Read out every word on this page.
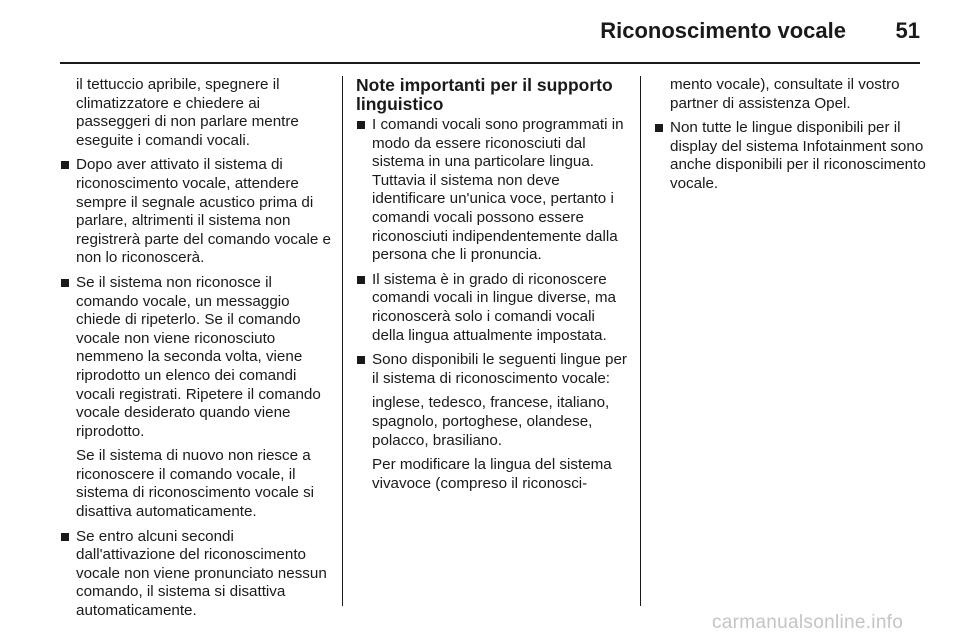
Riconoscimento vocale 51

il tettuccio apribile, spegnere il climatizzatore e chiedere ai passeggeri di non parlare mentre eseguite i comandi vocali.

Dopo aver attivato il sistema di riconoscimento vocale, attendere sempre il segnale acustico prima di parlare, altrimenti il sistema non registrerà parte del comando vocale e non lo riconoscerà.

Se il sistema non riconosce il comando vocale, un messaggio chiede di ripeterlo. Se il comando vocale non viene riconosciuto nemmeno la seconda volta, viene riprodotto un elenco dei comandi vocali registrati. Ripetere il comando vocale desiderato quando viene riprodotto.

Se il sistema di nuovo non riesce a riconoscere il comando vocale, il sistema di riconoscimento vocale si disattiva automaticamente.

Se entro alcuni secondi dall'attivazione del riconoscimento vocale non viene pronunciato nessun comando, il sistema si disattiva automaticamente.

Note importanti per il supporto linguistico

I comandi vocali sono programmati in modo da essere riconosciuti dal sistema in una particolare lingua. Tuttavia il sistema non deve identificare un'unica voce, pertanto i comandi vocali possono essere riconosciuti indipendentemente dalla persona che li pronuncia.

Il sistema è in grado di riconoscere comandi vocali in lingue diverse, ma riconoscerà solo i comandi vocali della lingua attualmente impostata.

Sono disponibili le seguenti lingue per il sistema di riconoscimento vocale:

inglese, tedesco, francese, italiano, spagnolo, portoghese, olandese, polacco, brasiliano.

Per modificare la lingua del sistema vivavoce (compreso il riconosci-

mento vocale), consultate il vostro partner di assistenza Opel.

Non tutte le lingue disponibili per il display del sistema Infotainment sono anche disponibili per il riconoscimento vocale.

carmanualsonline.info
